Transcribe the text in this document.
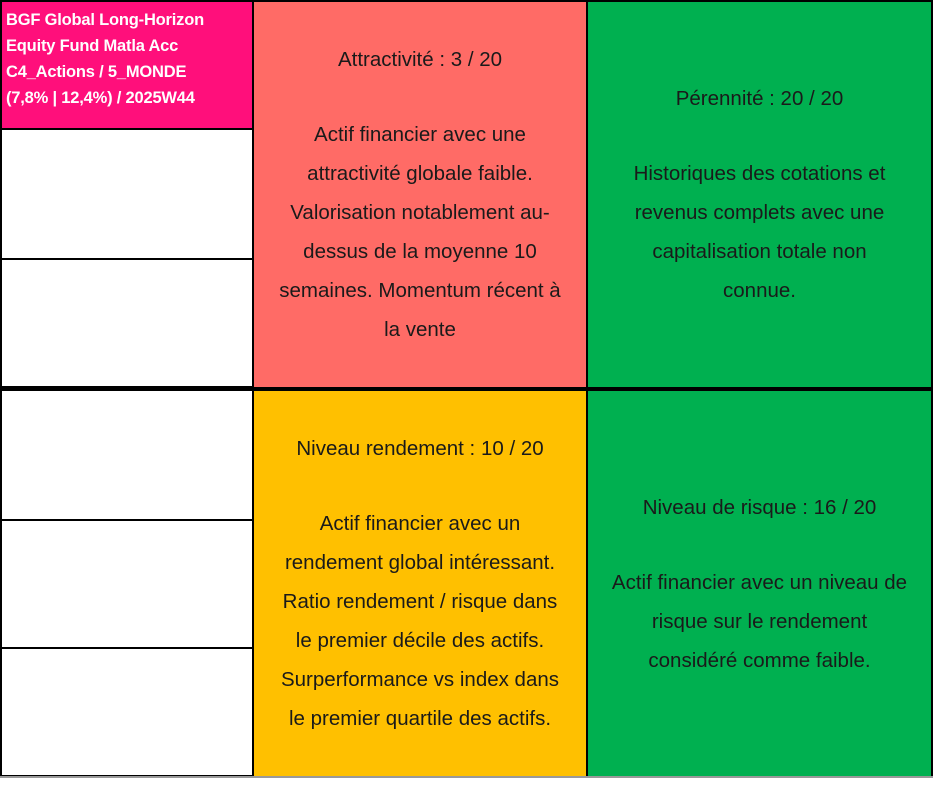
BGF Global Long-Horizon
Equity Fund Matla Acc
C4_Actions / 5_MONDE
(7,8% | 12,4%) / 2025W44
Attractivité : 3 / 20
Actif financier avec une
attractivité globale faible.
Valorisation notablement au-
dessus de la moyenne 10
semaines. Momentum récent à
la vente
Pérennité : 20 / 20
Historiques des cotations et
revenus complets avec une
capitalisation totale non
connue.
Niveau rendement : 10 / 20
Actif financier avec un
rendement global intéressant.
Ratio rendement / risque dans
le premier décile des actifs.
Surperformance vs index dans
le premier quartile des actifs.
Niveau de risque : 16 / 20
Actif financier avec un niveau de
risque sur le rendement
considéré comme faible.
